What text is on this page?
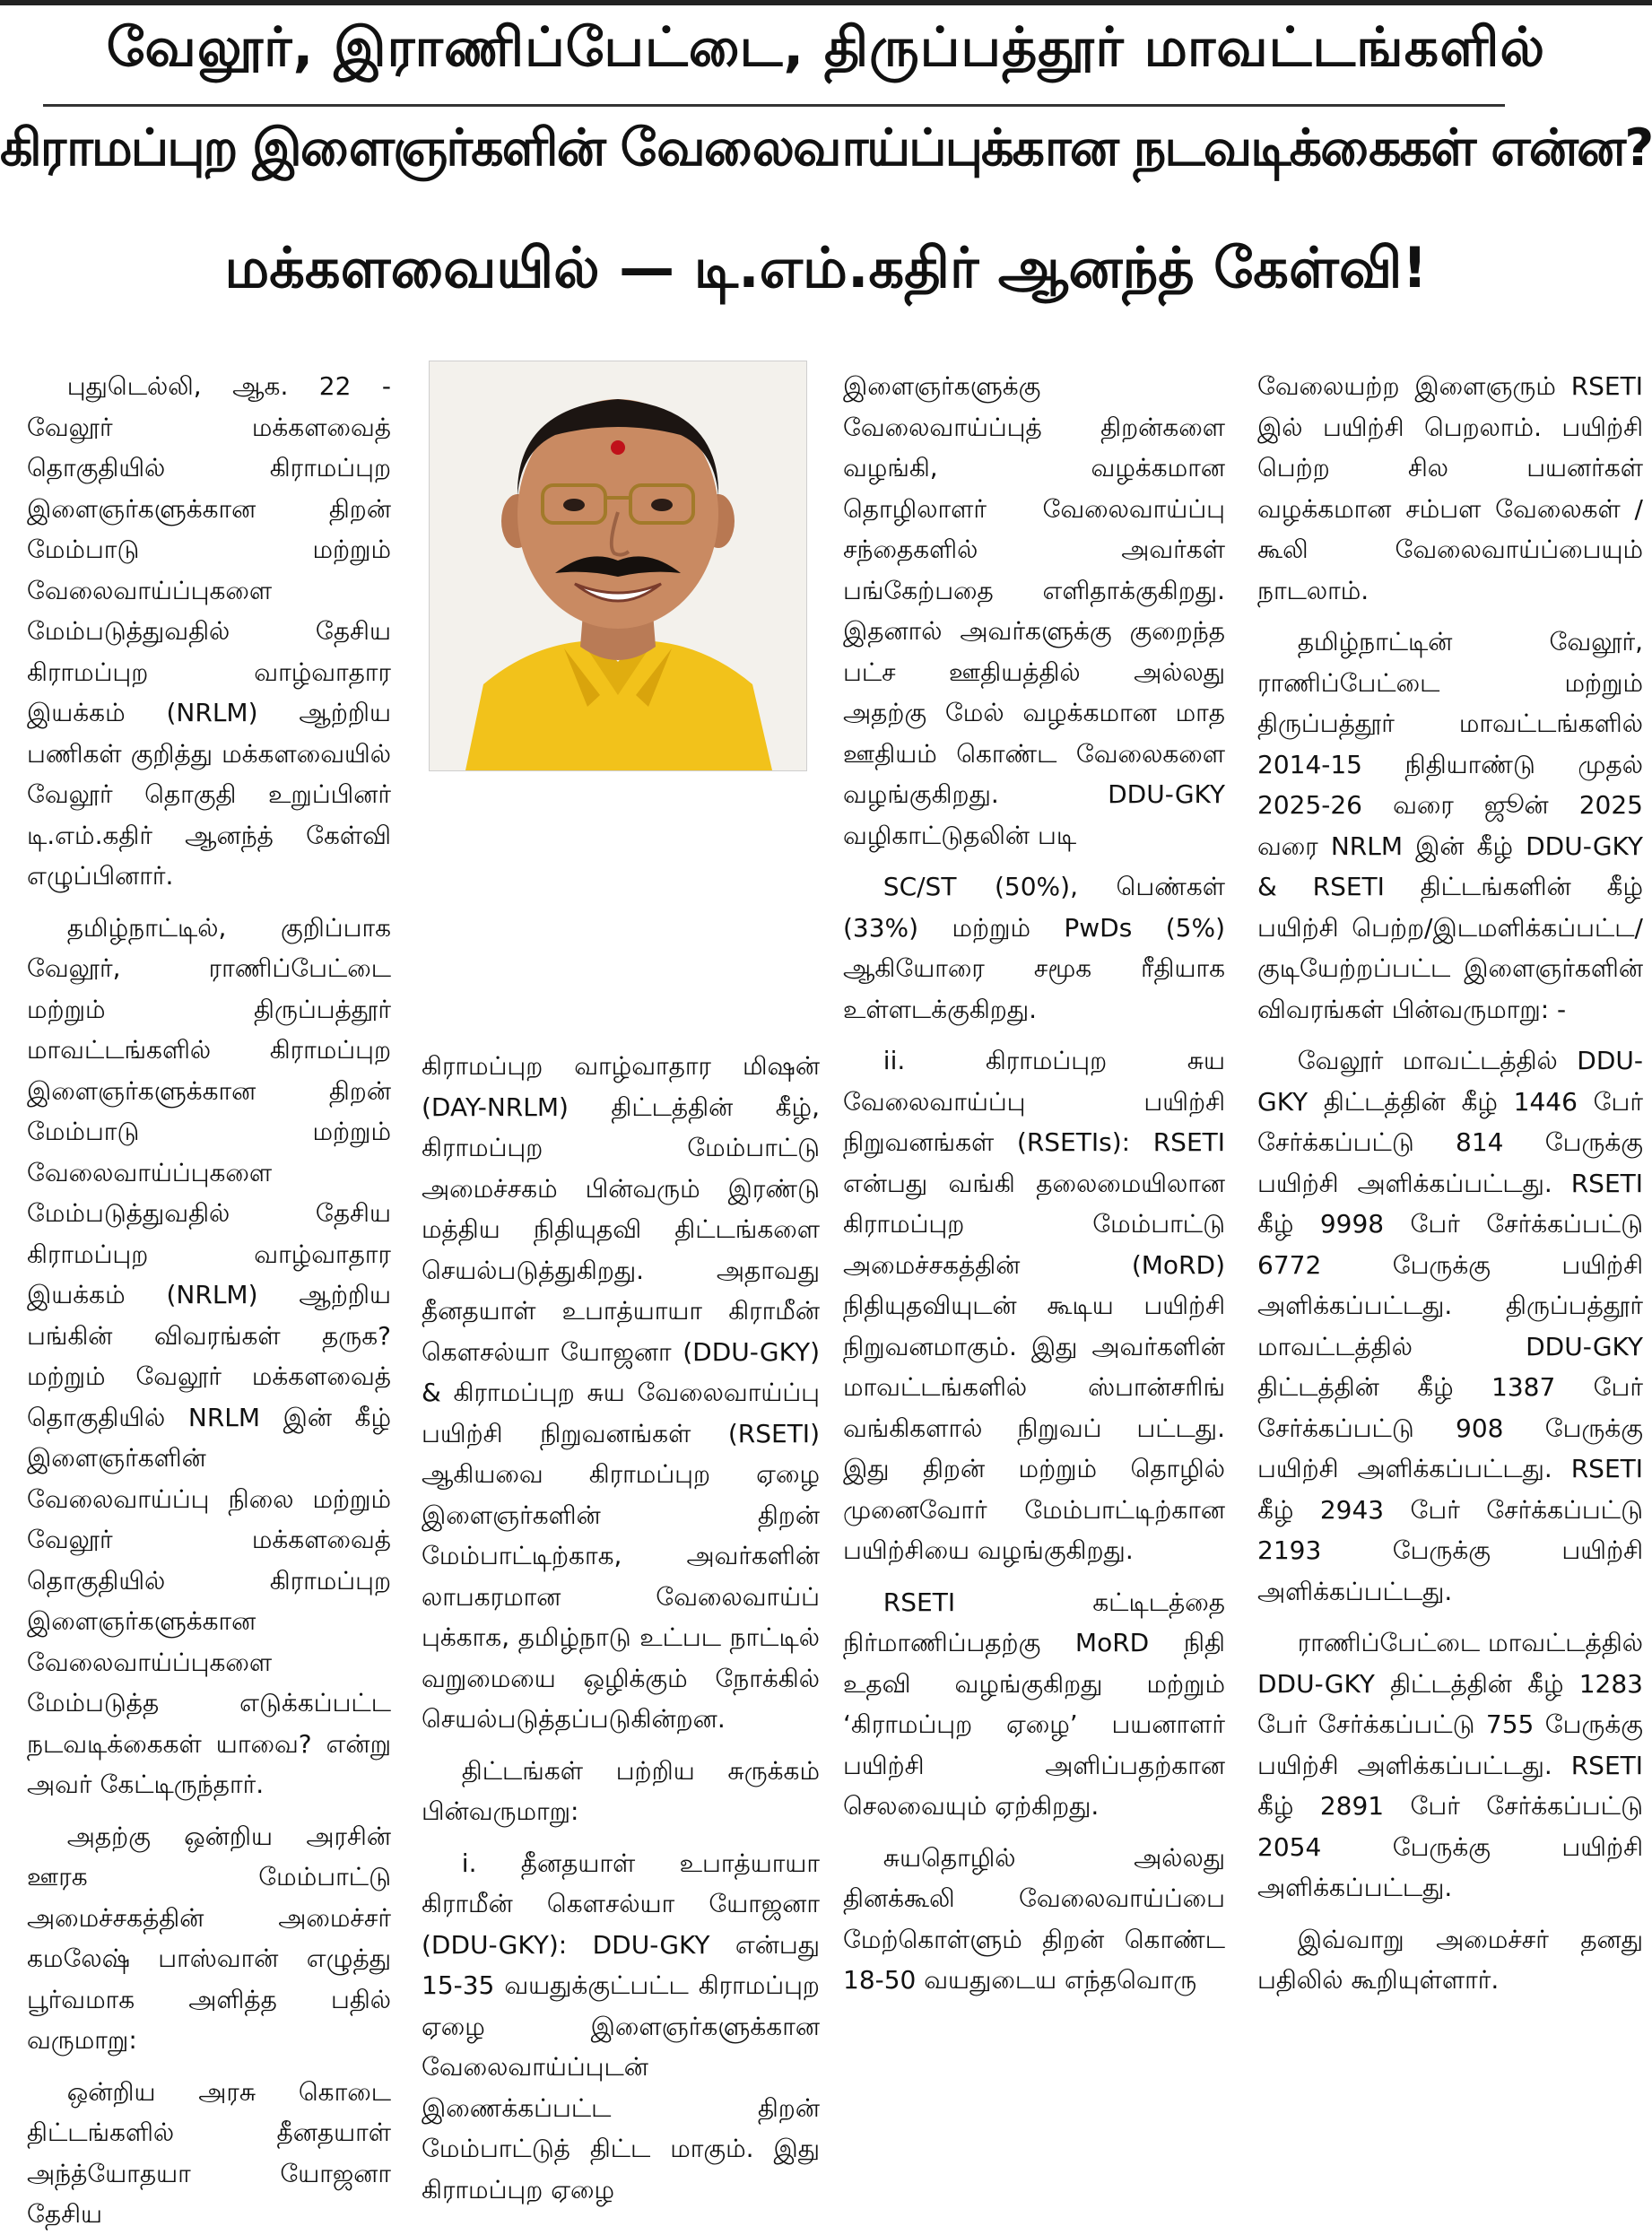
வேலூர், இராணிப்பேட்டை, திருப்பத்தூர் மாவட்டங்களில்
கிராமப்புற இளைஞர்களின் வேலைவாய்ப்புக்கான நடவடிக்கைகள் என்ன?
மக்களவையில் — டி.எம்.கதிர் ஆனந்த் கேள்வி!

புதுடெல்லி, ஆக. 22 - வேலூர் மக்களவைத் தொகுதியில் கிராமப்புற இளைஞர்களுக்கான திறன் மேம்பாடு மற்றும் வேலைவாய்ப்புகளை மேம்படுத்துவதில் தேசிய கிராமப்புற வாழ்வாதார இயக்கம் (NRLM) ஆற்றிய பணிகள் குறித்து மக்களவையில் வேலூர் தொகுதி உறுப்பினர் டி.எம்.கதிர் ஆனந்த் கேள்வி எழுப்பினார்.

தமிழ்நாட்டில், குறிப்பாக வேலூர், ராணிப்பேட்டை மற்றும் திருப்பத்தூர் மாவட்டங்களில் கிராமப்புற இளைஞர்களுக்கான திறன் மேம்பாடு மற்றும் வேலைவாய்ப்புகளை மேம்படுத்துவதில் தேசிய கிராமப்புற வாழ்வாதார இயக்கம் (NRLM) ஆற்றிய பங்கின் விவரங்கள் தருக? மற்றும் வேலூர் மக்களவைத் தொகுதியில் NRLM இன் கீழ் இளைஞர்களின் வேலைவாய்ப்பு நிலை மற்றும் வேலூர் மக்களவைத் தொகுதியில் கிராமப்புற இளைஞர்களுக்கான வேலைவாய்ப்புகளை மேம்படுத்த எடுக்கப்பட்ட நடவடிக்கைகள் யாவை? என்று அவர் கேட்டிருந்தார்.

அதற்கு ஒன்றிய அரசின் ஊரக மேம்பாட்டு அமைச்சகத்தின் அமைச்சர் கமலேஷ் பாஸ்வான் எழுத்து பூர்வமாக அளித்த பதில் வருமாறு:

ஒன்றிய அரசு கொடை திட்டங்களில் தீனதயாள் அந்த்யோதயா யோஜனா தேசிய

கிராமப்புற வாழ்வாதார மிஷன் (DAY-NRLM) திட்டத்தின் கீழ், கிராமப்புற மேம்பாட்டு அமைச்சகம் பின்வரும் இரண்டு மத்திய நிதியுதவி திட்டங்களை செயல்படுத்துகிறது. அதாவது தீனதயாள் உபாத்யாயா கிராமீன் கௌசல்யா யோஜனா (DDU-GKY) & கிராமப்புற சுய வேலைவாய்ப்பு பயிற்சி நிறுவனங்கள் (RSETI) ஆகியவை கிராமப்புற ஏழை இளைஞர்களின் திறன் மேம்பாட்டிற்காக, அவர்களின் லாபகரமான வேலைவாய்ப் புக்காக, தமிழ்நாடு உட்பட நாட்டில் வறுமையை ஒழிக்கும் நோக்கில் செயல்படுத்தப்படுகின்றன.

திட்டங்கள் பற்றிய சுருக்கம் பின்வருமாறு:

i. தீனதயாள் உபாத்யாயா கிராமீன் கௌசல்யா யோஜனா (DDU-GKY): DDU-GKY என்பது 15-35 வயதுக்குட்பட்ட கிராமப்புற ஏழை இளைஞர்களுக்கான வேலைவாய்ப்புடன் இணைக்கப்பட்ட திறன் மேம்பாட்டுத் திட்ட மாகும். இது கிராமப்புற ஏழை

இளைஞர்களுக்கு வேலைவாய்ப்புத் திறன்களை வழங்கி, வழக்கமான தொழிலாளர் வேலைவாய்ப்பு சந்தைகளில் அவர்கள் பங்கேற்பதை எளிதாக்குகிறது. இதனால் அவர்களுக்கு குறைந்த பட்ச ஊதியத்தில் அல்லது அதற்கு மேல் வழக்கமான மாத ஊதியம் கொண்ட வேலைகளை வழங்குகிறது. DDU-GKY வழிகாட்டுதலின் படி

SC/ST (50%), பெண்கள் (33%) மற்றும் PwDs (5%) ஆகியோரை சமூக ரீதியாக உள்ளடக்குகிறது.

ii. கிராமப்புற சுய வேலைவாய்ப்பு பயிற்சி நிறுவனங்கள் (RSETIs): RSETI என்பது வங்கி தலைமையிலான கிராமப்புற மேம்பாட்டு அமைச்சகத்தின் (MoRD) நிதியுதவியுடன் கூடிய பயிற்சி நிறுவனமாகும். இது அவர்களின் மாவட்டங்களில் ஸ்பான்சரிங் வங்கிகளால் நிறுவப் பட்டது. இது திறன் மற்றும் தொழில் முனைவோர் மேம்பாட்டிற்கான பயிற்சியை வழங்குகிறது.

RSETI கட்டிடத்தை நிர்மாணிப்பதற்கு MoRD நிதி உதவி வழங்குகிறது மற்றும் ‘கிராமப்புற ஏழை’ பயனாளர் பயிற்சி அளிப்பதற்கான செலவையும் ஏற்கிறது.

சுயதொழில் அல்லது தினக்கூலி வேலைவாய்ப்பை மேற்கொள்ளும் திறன் கொண்ட 18-50 வயதுடைய எந்தவொரு

வேலையற்ற இளைஞரும் RSETI இல் பயிற்சி பெறலாம். பயிற்சி பெற்ற சில பயனர்கள் வழக்கமான சம்பள வேலைகள் / கூலி வேலைவாய்ப்பையும் நாடலாம்.

தமிழ்நாட்டின் வேலூர், ராணிப்பேட்டை மற்றும் திருப்பத்தூர் மாவட்டங்களில் 2014-15 நிதியாண்டு முதல் 2025-26 வரை ஜூன் 2025 வரை NRLM இன் கீழ் DDU-GKY & RSETI திட்டங்களின் கீழ் பயிற்சி பெற்ற/இடமளிக்கப்பட்ட/குடியேற்றப்பட்ட இளைஞர்களின் விவரங்கள் பின்வருமாறு: -

வேலூர் மாவட்டத்தில் DDU-GKY திட்டத்தின் கீழ் 1446 பேர் சேர்க்கப்பட்டு 814 பேருக்கு பயிற்சி அளிக்கப்பட்டது. RSETI கீழ் 9998 பேர் சேர்க்கப்பட்டு 6772 பேருக்கு பயிற்சி அளிக்கப்பட்டது. திருப்பத்தூர் மாவட்டத்தில் DDU-GKY திட்டத்தின் கீழ் 1387 பேர் சேர்க்கப்பட்டு 908 பேருக்கு பயிற்சி அளிக்கப்பட்டது. RSETI கீழ் 2943 பேர் சேர்க்கப்பட்டு 2193 பேருக்கு பயிற்சி அளிக்கப்பட்டது.

ராணிப்பேட்டை மாவட்டத்தில் DDU-GKY திட்டத்தின் கீழ் 1283 பேர் சேர்க்கப்பட்டு 755 பேருக்கு பயிற்சி அளிக்கப்பட்டது. RSETI கீழ் 2891 பேர் சேர்க்கப்பட்டு 2054 பேருக்கு பயிற்சி அளிக்கப்பட்டது.

இவ்வாறு அமைச்சர் தனது பதிலில் கூறியுள்ளார்.
